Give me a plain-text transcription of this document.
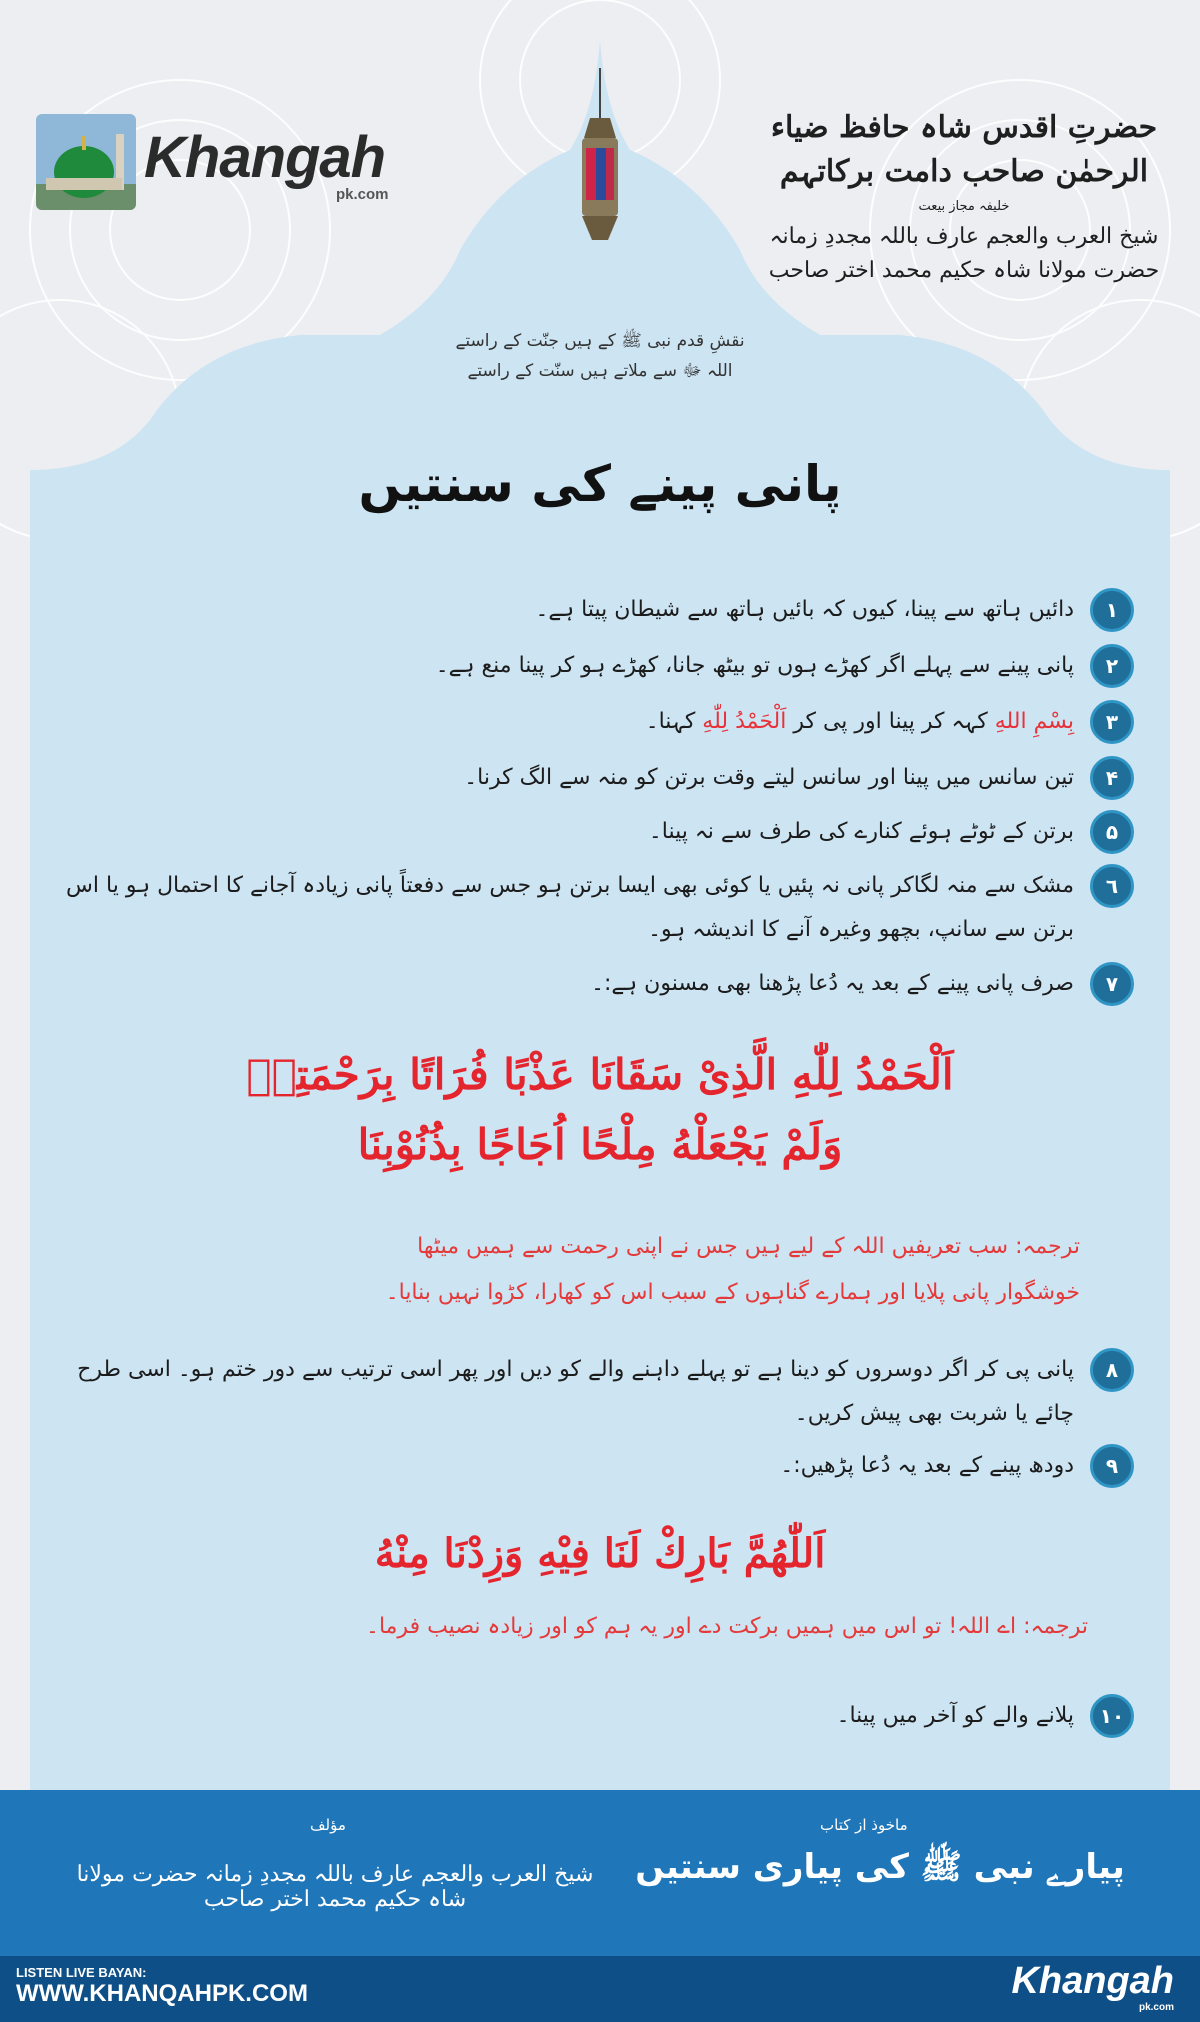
Khangah
pk.com
حضرتِ اقدس شاہ حافظ ضیاء الرحمٰن صاحب دامت برکاتہم
خلیفہ مجاز بیعت
شیخ العرب والعجم عارف باللہ مجددِ زمانہ حضرت مولانا شاہ حکیم محمد اختر صاحب
نقشِ قدم نبی ﷺ کے ہیں جنّت کے راستے
اللہ ﷻ سے ملاتے ہیں سنّت کے راستے
پانی پینے کی سنتیں
١
دائیں ہاتھ سے پینا، کیوں کہ بائیں ہاتھ سے شیطان پیتا ہے۔
٢
پانی پینے سے پہلے اگر کھڑے ہوں تو بیٹھ جانا، کھڑے ہو کر پینا منع ہے۔
٣
بِسْمِ اللهِ کہہ کر پینا اور پی کر اَلْحَمْدُ لِلّٰهِ کہنا۔
۴
تین سانس میں پینا اور سانس لیتے وقت برتن کو منہ سے الگ کرنا۔
۵
برتن کے ٹوٹے ہوئے کنارے کی طرف سے نہ پینا۔
٦
مشک سے منہ لگاکر پانی نہ پئیں یا کوئی بھی ایسا برتن ہو جس سے دفعتاً پانی زیادہ آجانے کا احتمال ہو یا اس برتن سے سانپ، بچھو وغیرہ آنے کا اندیشہ ہو۔
٧
صرف پانی پینے کے بعد یہ دُعا پڑھنا بھی مسنون ہے:۔
اَلْحَمْدُ لِلّٰهِ الَّذِیْ سَقَانَا عَذْبًا فُرَاتًا بِرَحْمَتِهٖ
وَلَمْ يَجْعَلْهُ مِلْحًا اُجَاجًا بِذُنُوْبِنَا
ترجمہ: سب تعریفیں اللہ کے لیے ہیں جس نے اپنی رحمت سے ہمیں میٹھا
خوشگوار پانی پلایا اور ہمارے گناہوں کے سبب اس کو کھارا، کڑوا نہیں بنایا۔
٨
پانی پی کر اگر دوسروں کو دینا ہے تو پہلے داہنے والے کو دیں اور پھر اسی ترتیب سے دور ختم ہو۔ اسی طرح چائے یا شربت بھی پیش کریں۔
٩
دودھ پینے کے بعد یہ دُعا پڑھیں:۔
اَللّٰهُمَّ بَارِكْ لَنَا فِيْهِ وَزِدْنَا مِنْهُ
ترجمہ: اے اللہ! تو اس میں ہمیں برکت دے اور یہ ہم کو اور زیادہ نصیب فرما۔
١٠
پلانے والے کو آخر میں پینا۔
ماخوذ از کتاب
پیارے نبی ﷺ کی پیاری سنتیں
مؤلف
شیخ العرب والعجم عارف باللہ مجددِ زمانہ حضرت مولانا شاہ حکیم محمد اختر صاحب
LISTEN LIVE BAYAN:
WWW.KHANQAHPK.COM	Khangah
pk.com
